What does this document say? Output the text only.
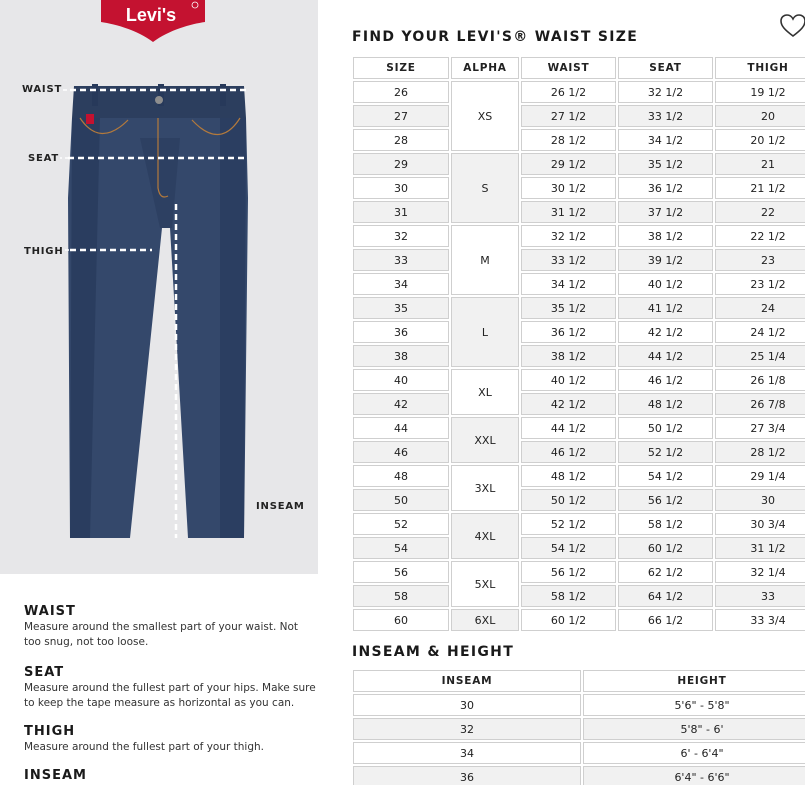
Levi's
WAIST
SEAT
THIGH
INSEAM
WAIST
Measure around the smallest part of your waist. Not too snug, not too loose.
SEAT
Measure around the fullest part of your hips. Make sure to keep the tape measure as horizontal as you can.
THIGH
Measure around the fullest part of your thigh.
INSEAM
FIND YOUR LEVI'S® WAIST SIZE
SIZE	ALPHA	WAIST	SEAT	THIGH
26	XS	26 1/2	32 1/2	19 1/2
27		27 1/2	33 1/2	20
28		28 1/2	34 1/2	20 1/2
29	S	29 1/2	35 1/2	21
30		30 1/2	36 1/2	21 1/2
31		31 1/2	37 1/2	22
32	M	32 1/2	38 1/2	22 1/2
33		33 1/2	39 1/2	23
34		34 1/2	40 1/2	23 1/2
35	L	35 1/2	41 1/2	24
36		36 1/2	42 1/2	24 1/2
38		38 1/2	44 1/2	25 1/4
40	XL	40 1/2	46 1/2	26 1/8
42		42 1/2	48 1/2	26 7/8
44	XXL	44 1/2	50 1/2	27 3/4
46		46 1/2	52 1/2	28 1/2
48	3XL	48 1/2	54 1/2	29 1/4
50		50 1/2	56 1/2	30
52	4XL	52 1/2	58 1/2	30 3/4
54		54 1/2	60 1/2	31 1/2
56	5XL	56 1/2	62 1/2	32 1/4
58		58 1/2	64 1/2	33
60	6XL	60 1/2	66 1/2	33 3/4
INSEAM & HEIGHT
INSEAM	HEIGHT
30	5'6" - 5'8"
32	5'8" - 6'
34	6' - 6'4"
36	6'4" - 6'6"
